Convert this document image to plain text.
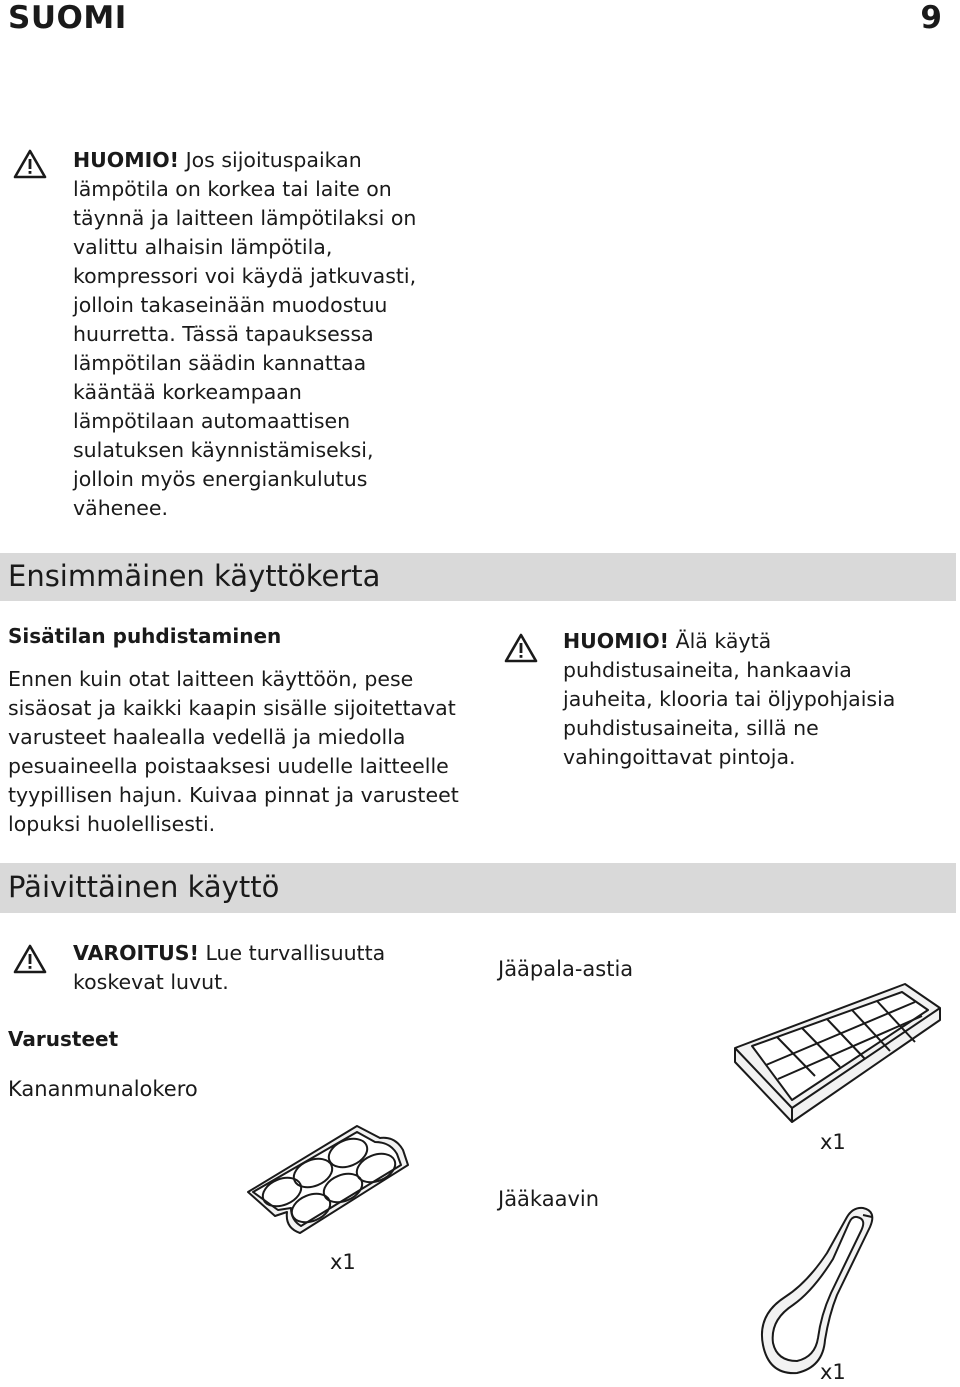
SUOMI	9
HUOMIO! Jos sijoituspaikan lämpötila on korkea tai laite on täynnä ja laitteen lämpötilaksi on valittu alhaisin lämpötila, kompressori voi käydä jatkuvasti, jolloin takaseinään muodostuu huurretta. Tässä tapauksessa lämpötilan säädin kannattaa kääntää korkeampaan lämpötilaan automaattisen sulatuksen käynnistämiseksi, jolloin myös energiankulutus vähenee.
Ensimmäinen käyttökerta
Sisätilan puhdistaminen
Ennen kuin otat laitteen käyttöön, pese sisäosat ja kaikki kaapin sisälle sijoitettavat varusteet haalealla vedellä ja miedolla pesuaineella poistaaksesi uudelle laitteelle tyypillisen hajun. Kuivaa pinnat ja varusteet lopuksi huolellisesti.
HUOMIO! Älä käytä puhdistusaineita, hankaavia jauheita, klooria tai öljypohjaisia puhdistusaineita, sillä ne vahingoittavat pintoja.
Päivittäinen käyttö
VAROITUS! Lue turvallisuutta koskevat luvut.
Varusteet
Kananmunalokero
Jääpala-astia
x1
Jääkaavin
x1
x1
